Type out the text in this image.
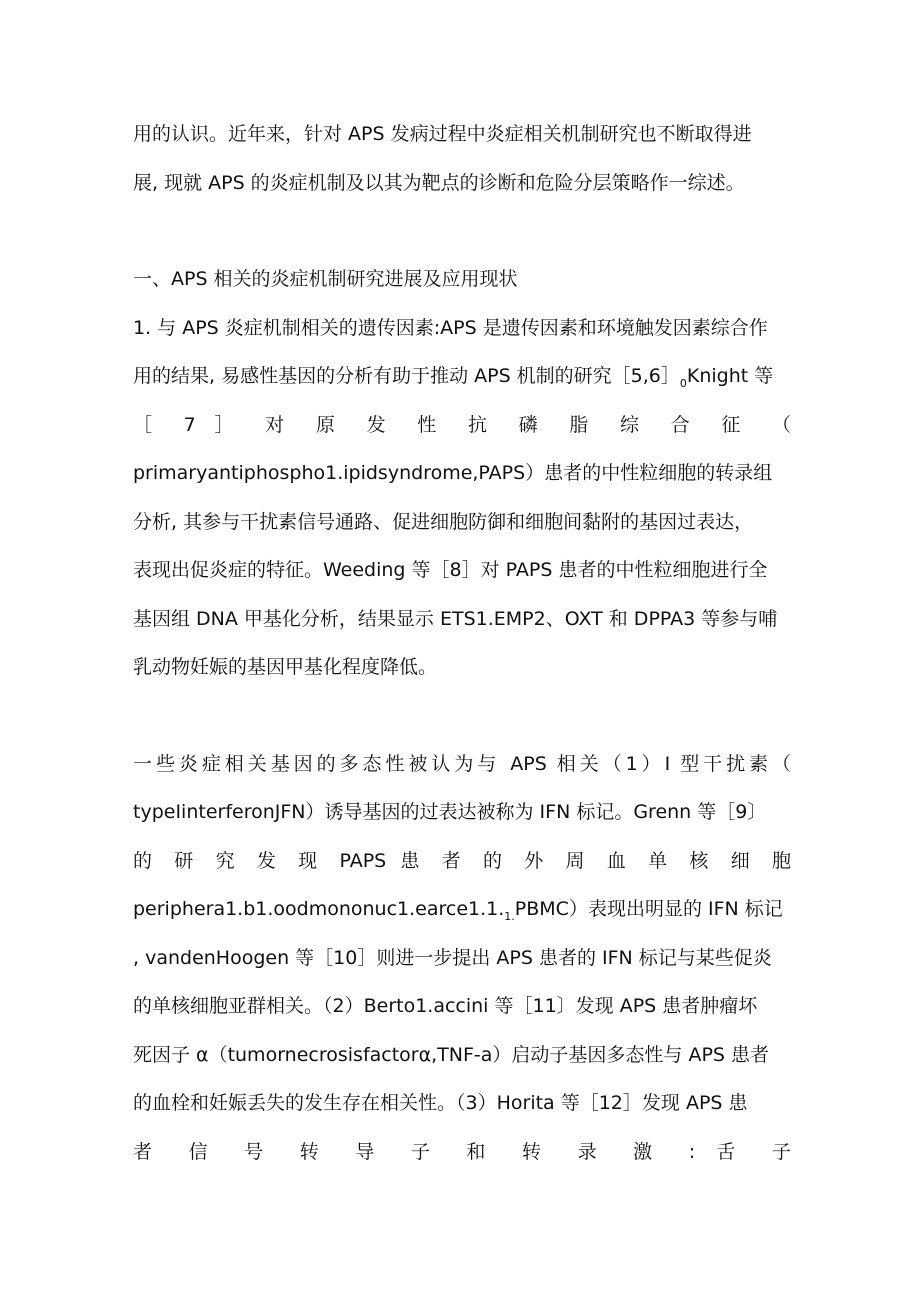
用的认识。近年来，针对 APS 发病过程中炎症相关机制研究也不断取得进
展, 现就 APS 的炎症机制及以其为靶点的诊断和危险分层策略作一综述。
一、APS 相关的炎症机制研究进展及应用现状
1. 与 APS 炎症机制相关的遗传因素:APS 是遗传因素和环境触发因素综合作
用的结果, 易感性基因的分析有助于推动 APS 机制的研究$[5,6]_0Knight$ 等
［ 7 ］ 对 原 发 性 抗 磷 脂 综 合 征 （
primaryantiphospho1.ipidsyndrome,PAPS）患者的中性粒细胞的转录组
分析, 其参与干扰素信号通路、促进细胞防御和细胞间黏附的基因过表达，
表现出促炎症的特征。Weeding 等［8］对 PAPS 患者的中性粒细胞进行全
基因组 DNA 甲基化分析，结果显示 ETS1.EMP2、OXT 和 DPPA3 等参与哺
乳动物妊娠的基因甲基化程度降低。
一些炎症相关基因的多态性被认为与 APS 相关（1）I 型干扰素（
typeIinterferonJFN）诱导基因的过表达被称为 IFN 标记。Grenn 等［9〕
的 研 究 发 现 PAPS 患 者 的 外 周 血 单 核 细 胞
$periphera1.b1.oodmononuc1.earce1.1._{1.}PBMC$）表现出明显的 IFN 标记
, vandenHoogen 等［10］则进一步提出 APS 患者的 IFN 标记与某些促炎
的单核细胞亚群相关。（2）Berto1.accini 等［11〕发现 APS 患者肿瘤坏
死因子 α（tumornecrosisfactorα,TNF-a）启动子基因多态性与 APS 患者
的血栓和妊娠丢失的发生存在相关性。（3）Horita 等［12］发现 APS 患
者 信 号 转 导 子 和 转 录 激 : 舌 子
